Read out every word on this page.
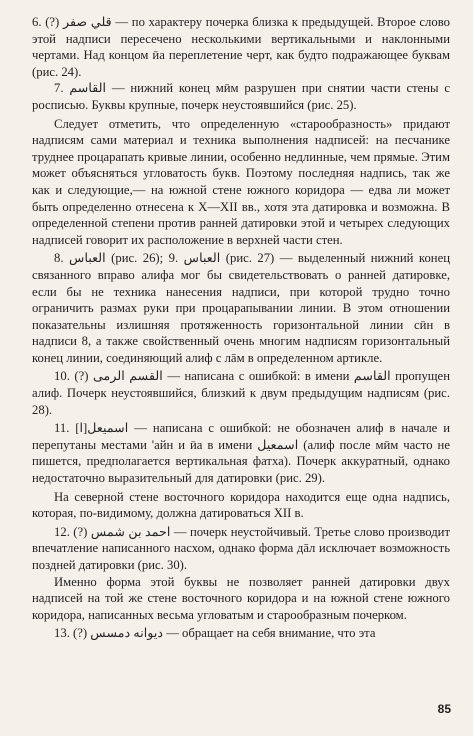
6. (?) قلي صفر — по характеру почерка близка к предыдущей. Второе слово этой надписи пересечено несколькими вертикальными и наклонными чертами. Над концом ӣа переплетение черт, как будто подражающее буквам (рис. 24).

7. القاسم — нижний конец мӣм разрушен при снятии части стены с росписью. Буквы крупные, почерк неустоявшийся (рис. 25).

Следует отметить, что определенную «старообразность» придают надписям сами материал и техника выполнения надписей: на песчанике труднее процарапать кривые линии, особенно недлинные, чем прямые. Этим может объясняться угловатость букв. Поэтому последняя надпись, так же как и следующие,— на южной стене южного коридора — едва ли может быть определенно отнесена к X—XII вв., хотя эта датировка и возможна. В определенной степени против ранней датировки этой и четырех следующих надписей говорит их расположение в верхней части стен.

8. العباس (рис. 26); 9. العباس (рис. 27) — выделенный нижний конец связанного вправо алифа мог бы свидетельствовать о ранней датировке, если бы не техника нанесения надписи, при которой трудно точно ограничить размах руки при процарапывании линии. В этом отношении показательны излишняя протяженность горизонтальной линии сӣн в надписи 8, а также свойственный очень многим надписям горизонтальный конец линии, соединяющий алиф с лāм в определенном артикле.

10. (?) القسم الرمى — написана с ошибкой: в имени القاسم пропущен алиф. Почерк неустоявшийся, близкий к двум предыдущим надписям (рис. 28).

11. اسميعل[ا] — написана с ошибкой: не обозначен алиф в начале и перепутаны местами 'айн и ӣа в имени اسمعيل (алиф после мӣм часто не пишется, предполагается вертикальная фатха). Почерк аккуратный, однако недостаточно выразительный для датировки (рис. 29).

На северной стене восточного коридора находится еще одна надпись, которая, по-видимому, должна датироваться XII в.

12. (?) احمد بن شمس — почерк неустойчивый. Третье слово производит впечатление написанного насхом, однако форма дāл исключает возможность поздней датировки (рис. 30).

Именно форма этой буквы не позволяет ранней датировки двух надписей на той же стене восточного коридора и на южной стене южного коридора, написанных весьма угловатым и старообразным почерком.

13. (?) ديوانه دمسس — обращает на себя внимание, что эта

85
